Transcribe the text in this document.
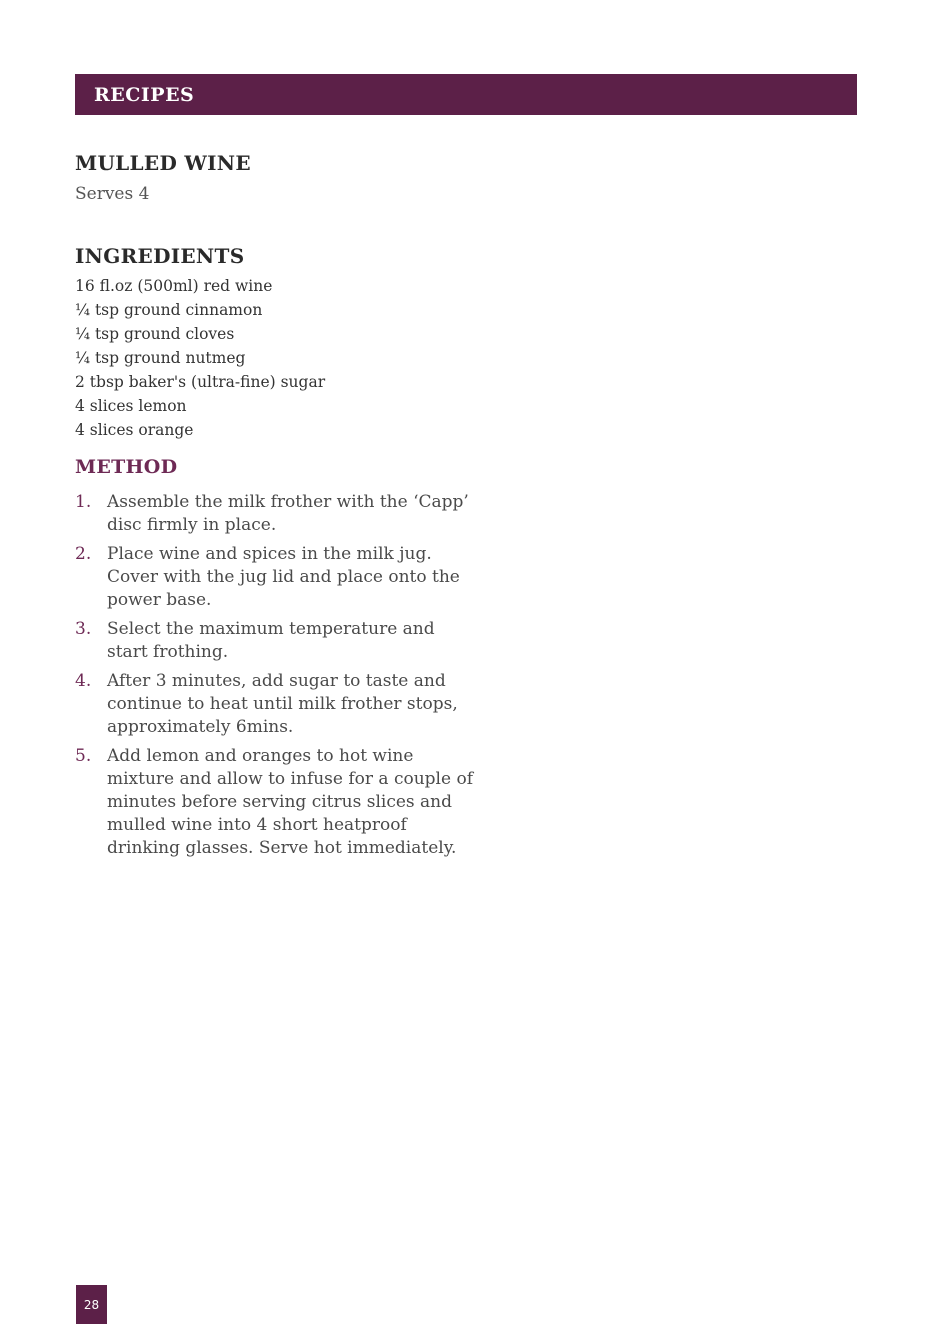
RECIPES
MULLED WINE
Serves 4
INGREDIENTS
16 fl.oz (500ml) red wine
¼ tsp ground cinnamon
¼ tsp ground cloves
¼ tsp ground nutmeg
2 tbsp baker's (ultra-fine) sugar
4 slices lemon
4 slices orange
METHOD
1. Assemble the milk frother with the ‘Capp’ disc firmly in place.
2. Place wine and spices in the milk jug. Cover with the jug lid and place onto the power base.
3. Select the maximum temperature and start frothing.
4. After 3 minutes, add sugar to taste and continue to heat until milk frother stops, approximately 6mins.
5. Add lemon and oranges to hot wine mixture and allow to infuse for a couple of minutes before serving citrus slices and mulled wine into 4 short heatproof drinking glasses. Serve hot immediately.
28
